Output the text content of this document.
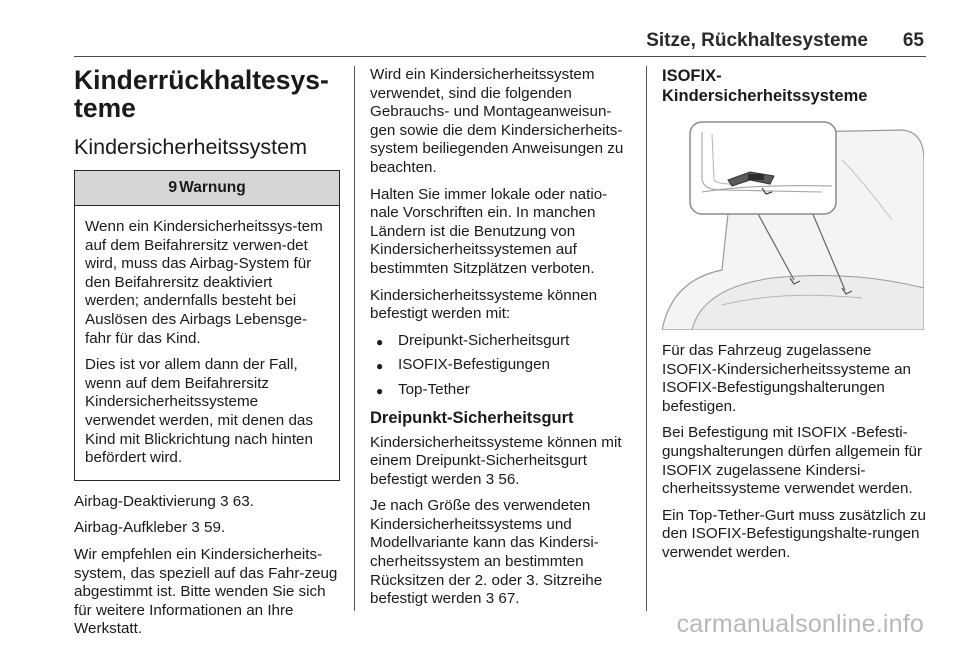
Sitze, Rückhaltesysteme 65
Kinderrückhaltesys-
teme
Kindersicherheitssystem
9 Warnung

Wenn ein Kindersicherheitssys-tem auf dem Beifahrersitz verwen-det wird, muss das Airbag-System für den Beifahrersitz deaktiviert werden; andernfalls besteht bei Auslösen des Airbags Lebensge-fahr für das Kind.

Dies ist vor allem dann der Fall, wenn auf dem Beifahrersitz Kindersicherheitssysteme verwendet werden, mit denen das Kind mit Blickrichtung nach hinten befördert wird.

Airbag-Deaktivierung 3 63.

Airbag-Aufkleber 3 59.

Wir empfehlen ein Kindersicherheits-system, das speziell auf das Fahr-zeug abgestimmt ist. Bitte wenden Sie sich für weitere Informationen an Ihre Werkstatt.

Wird ein Kindersicherheitssystem verwendet, sind die folgenden Gebrauchs- und Montageanweisun-gen sowie die dem Kindersicherheits-system beiliegenden Anweisungen zu beachten.

Halten Sie immer lokale oder natio-nale Vorschriften ein. In manchen Ländern ist die Benutzung von Kindersicherheitssystemen auf bestimmten Sitzplätzen verboten.

Kindersicherheitssysteme können befestigt werden mit:

● Dreipunkt-Sicherheitsgurt
● ISOFIX-Befestigungen
● Top-Tether
Dreipunkt-Sicherheitsgurt

Kindersicherheitssysteme können mit einem Dreipunkt-Sicherheitsgurt befestigt werden 3 56.

Je nach Größe des verwendeten Kindersicherheitssystems und Modellvariante kann das Kindersi-cherheitssystem an bestimmten Rücksitzen der 2. oder 3. Sitzreihe befestigt werden 3 67.

ISOFIX-
Kindersicherheitssysteme

Für das Fahrzeug zugelassene ISOFIX-Kindersicherheitssysteme an ISOFIX-Befestigungshalterungen befestigen.

Bei Befestigung mit ISOFIX -Befesti-gungshalterungen dürfen allgemein für ISOFIX zugelassene Kindersi-cherheitssysteme verwendet werden.

Ein Top-Tether-Gurt muss zusätzlich zu den ISOFIX-Befestigungshalte-rungen verwendet werden.

carmanualsonline.info
